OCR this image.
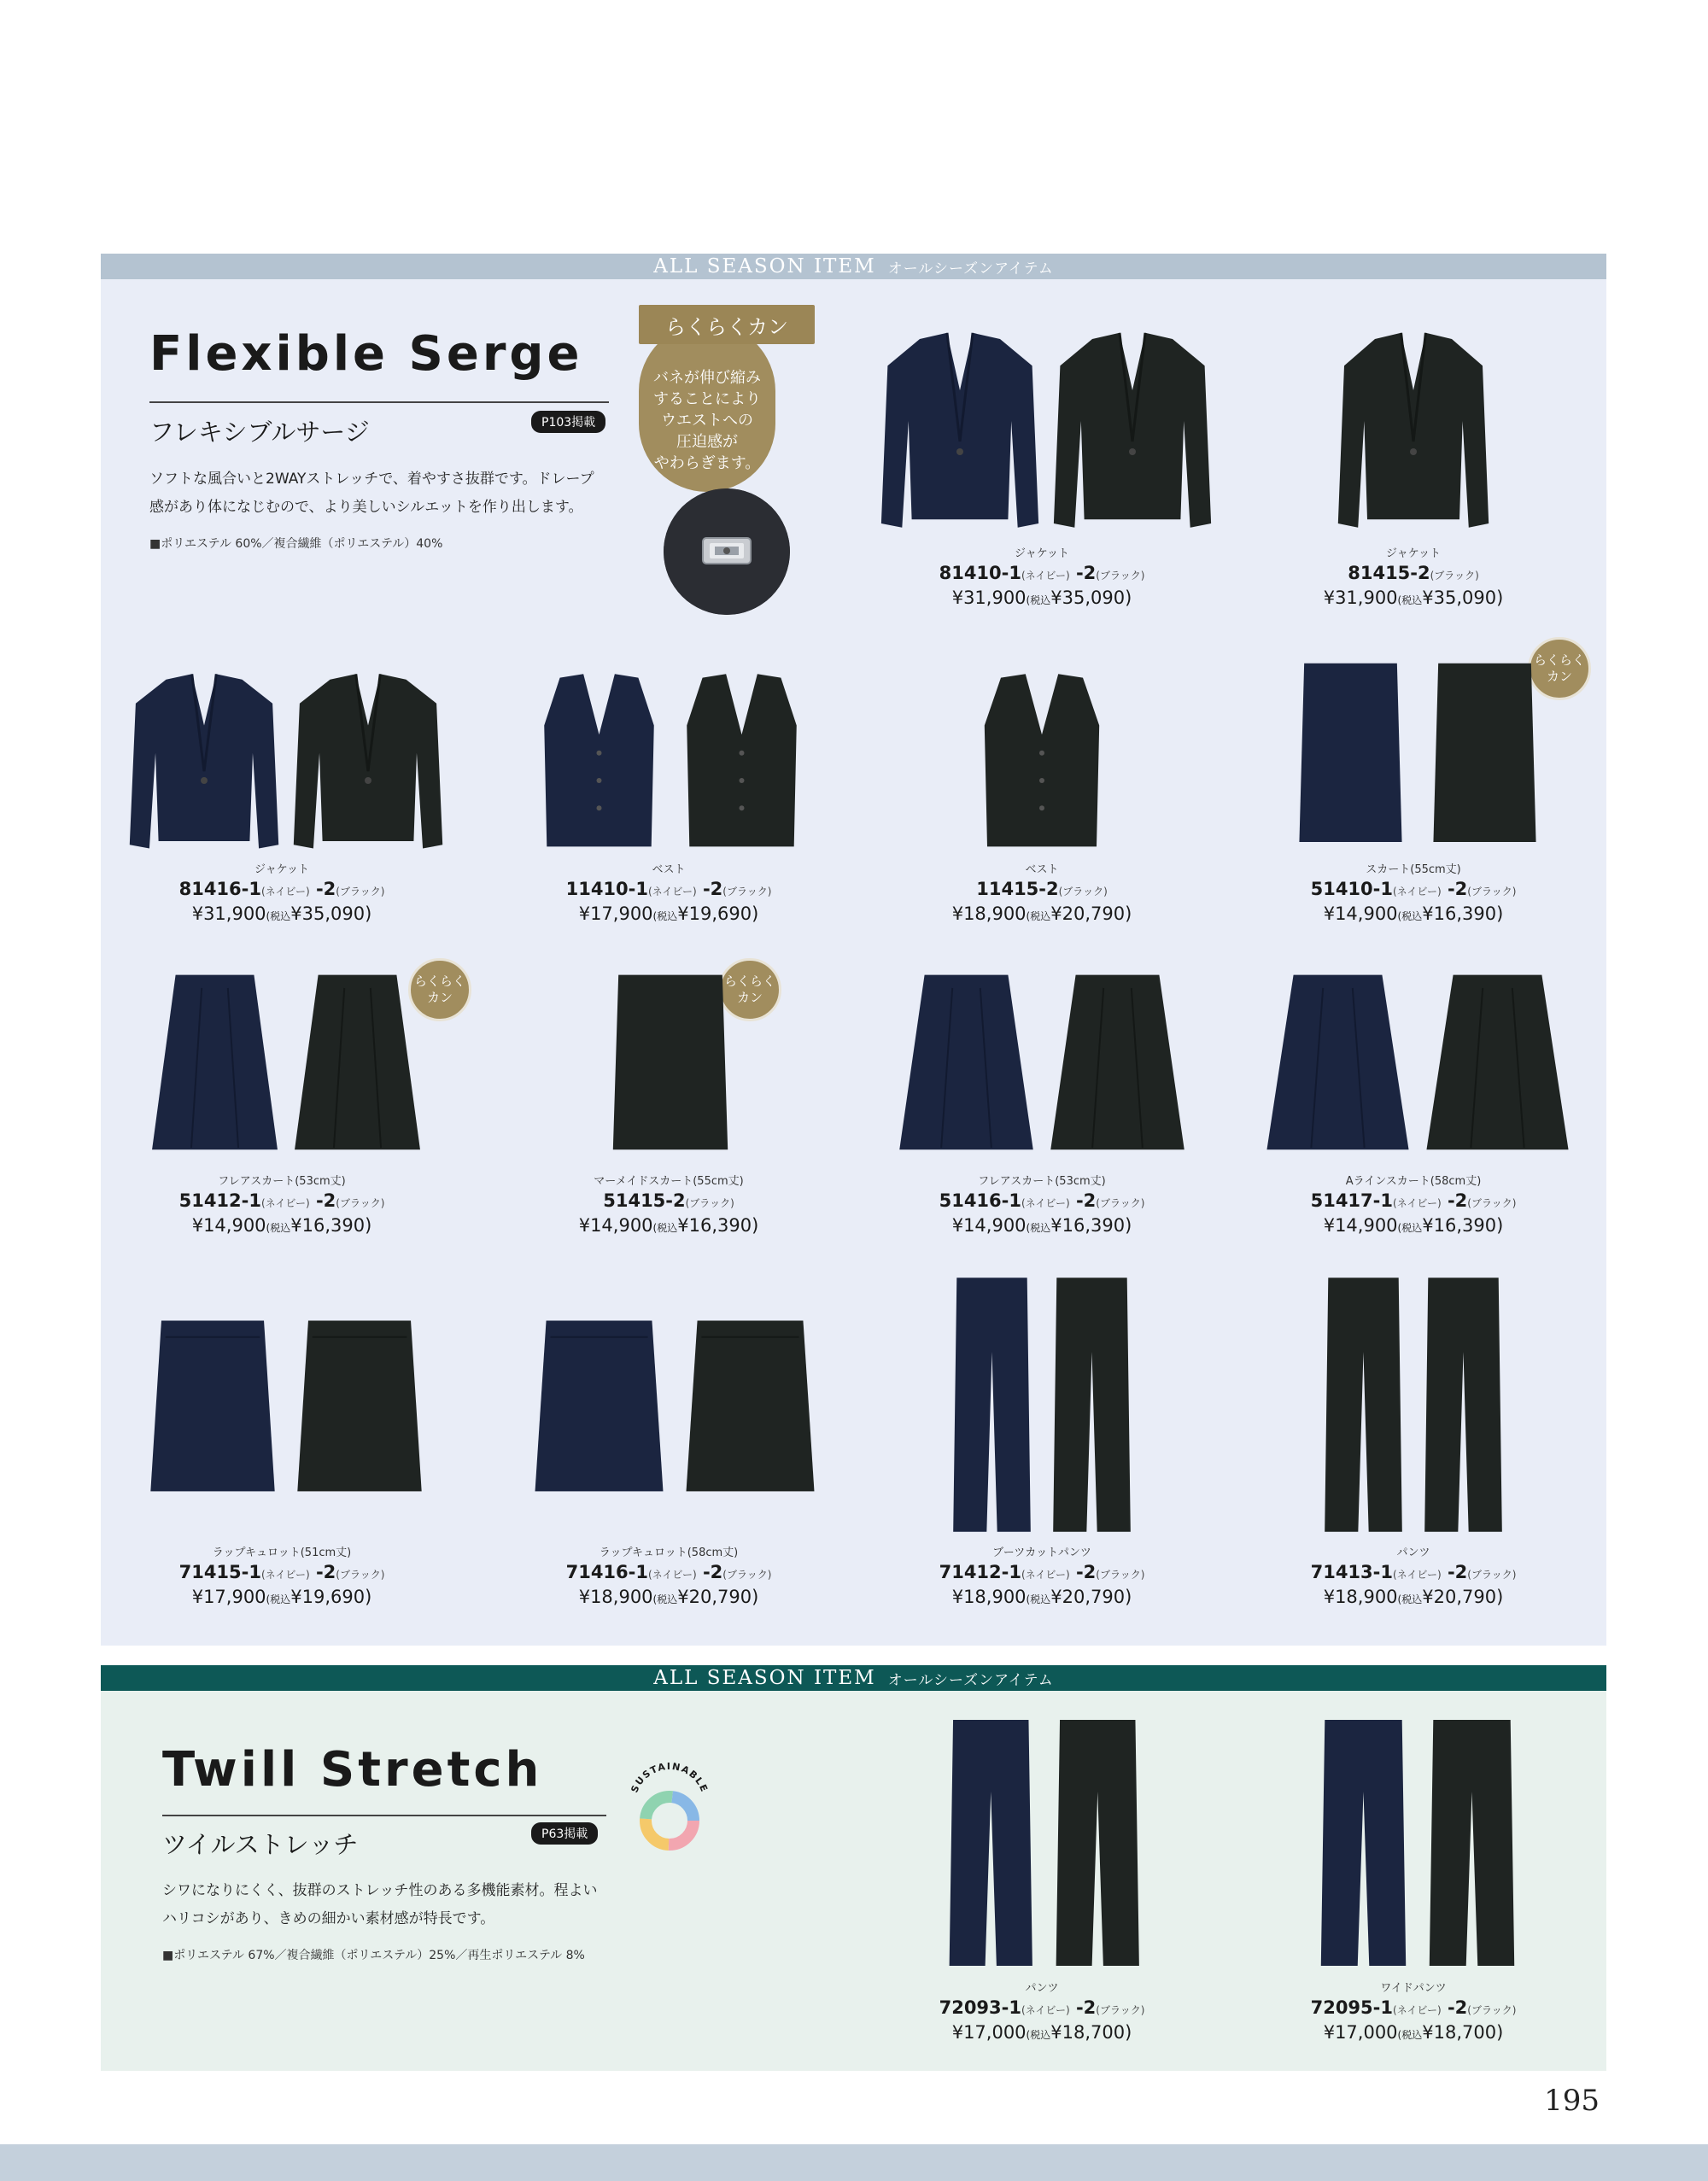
ALL SEASON ITEM オールシーズンアイテム
Flexible Serge
フレキシブルサージ	P103掲載
ソフトな風合いと2WAYストレッチで、着やすさ抜群です。ドレープ
感があり体になじむので、より美しいシルエットを作り出します。
■ポリエステル 60%／複合繊維（ポリエステル）40%
バネが伸び縮み
することにより
ウエストへの
圧迫感が
やわらぎます。
らくらくカン
らくらく
カン
らくらく
カン
らくらく
カン
ALL SEASON ITEM オールシーズンアイテム
Twill Stretch
ツイルストレッチ	P63掲載
シワになりにくく、抜群のストレッチ性のある多機能素材。程よい
ハリコシがあり、きめの細かい素材感が特長です。
■ポリエステル 67%／複合繊維（ポリエステル）25%／再生ポリエステル 8%
SUSTAINABLE
ジャケット
81410-1(ネイビー) -2(ブラック)
¥31,900(税込¥35,090)
ジャケット
81415-2(ブラック)
¥31,900(税込¥35,090)
ジャケット
81416-1(ネイビー) -2(ブラック)
¥31,900(税込¥35,090)
ベスト
11410-1(ネイビー) -2(ブラック)
¥17,900(税込¥19,690)
ベスト
11415-2(ブラック)
¥18,900(税込¥20,790)
スカート(55cm丈)
51410-1(ネイビー) -2(ブラック)
¥14,900(税込¥16,390)
フレアスカート(53cm丈)
51412-1(ネイビー) -2(ブラック)
¥14,900(税込¥16,390)
マーメイドスカート(55cm丈)
51415-2(ブラック)
¥14,900(税込¥16,390)
フレアスカート(53cm丈)
51416-1(ネイビー) -2(ブラック)
¥14,900(税込¥16,390)
Aラインスカート(58cm丈)
51417-1(ネイビー) -2(ブラック)
¥14,900(税込¥16,390)
ラップキュロット(51cm丈)
71415-1(ネイビー) -2(ブラック)
¥17,900(税込¥19,690)
ラップキュロット(58cm丈)
71416-1(ネイビー) -2(ブラック)
¥18,900(税込¥20,790)
ブーツカットパンツ
71412-1(ネイビー) -2(ブラック)
¥18,900(税込¥20,790)
パンツ
71413-1(ネイビー) -2(ブラック)
¥18,900(税込¥20,790)
パンツ
72093-1(ネイビー) -2(ブラック)
¥17,000(税込¥18,700)
ワイドパンツ
72095-1(ネイビー) -2(ブラック)
¥17,000(税込¥18,700)
195
